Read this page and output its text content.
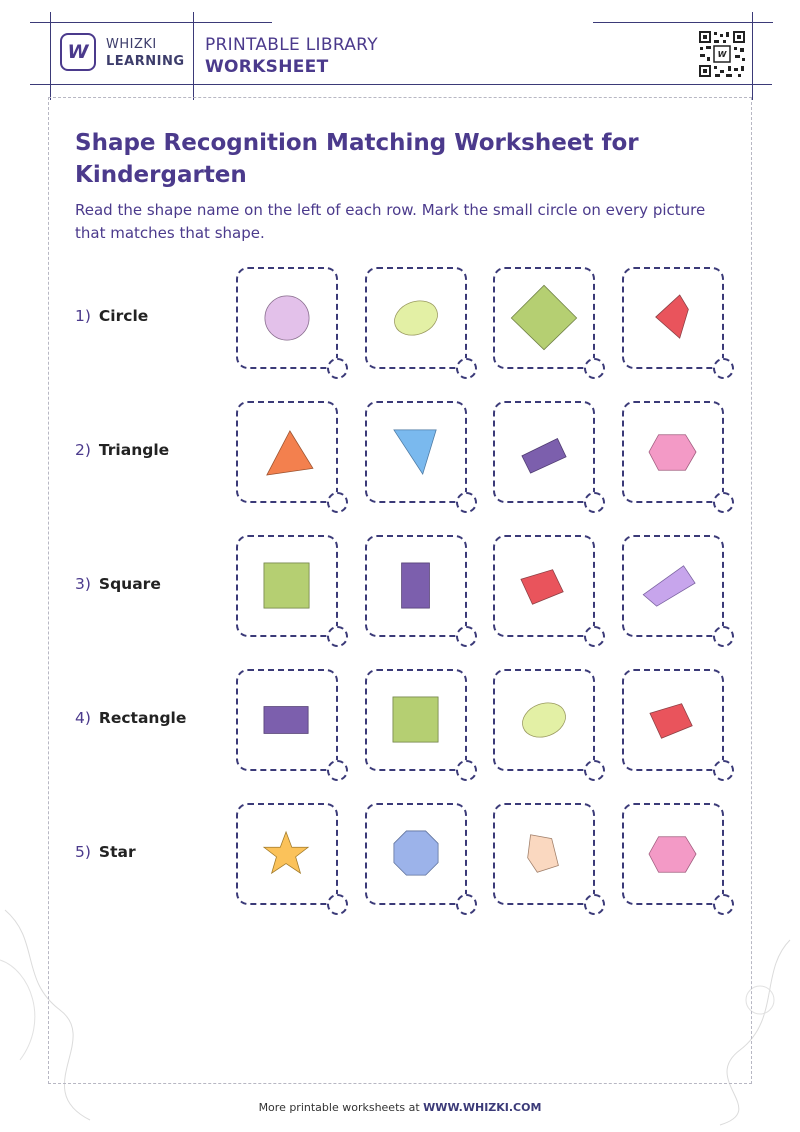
W WHIZKI
LEARNING
PRINTABLE LIBRARY
WORKSHEET
W
Shape Recognition Matching Worksheet for Kindergarten

Read the shape name on the left of each row. Mark the small circle on every picture that matches that shape.

1) Circle
2) Triangle
3) Square
4) Rectangle
5) Star
More printable worksheets at WWW.WHIZKI.COM
